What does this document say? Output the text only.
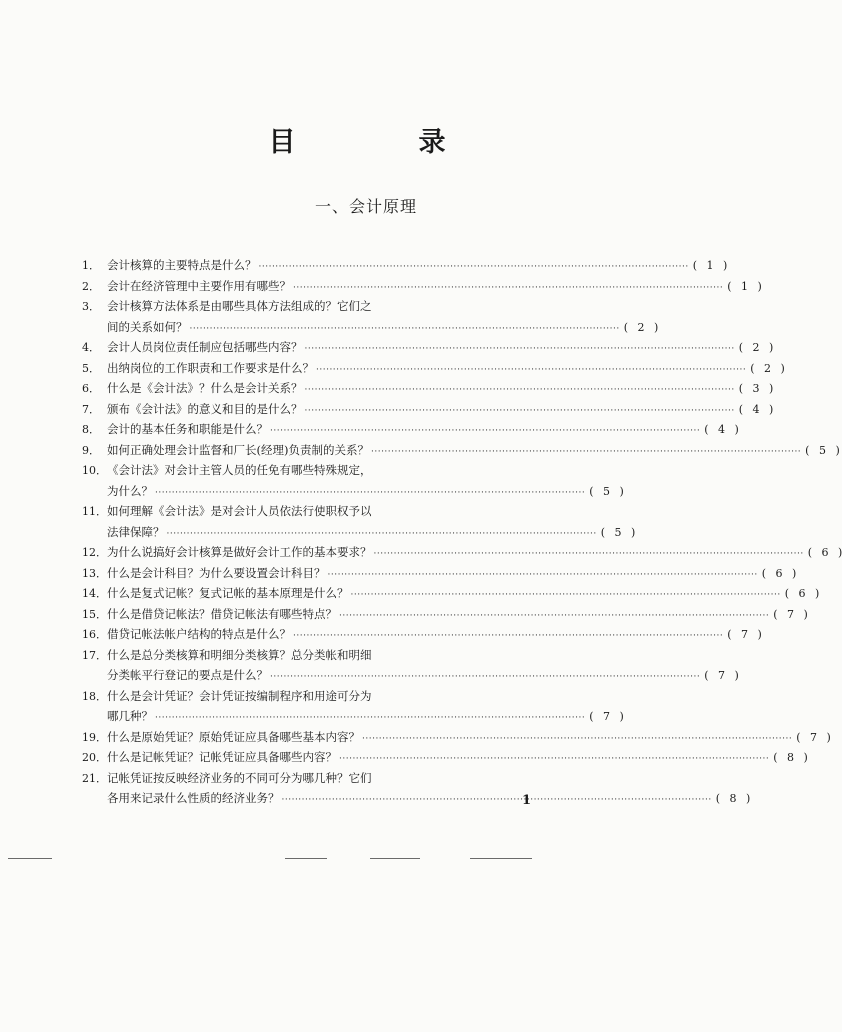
目　录
一、会计原理
1． 会计核算的主要特点是什么？ ·····	( 1 )
2． 会计在经济管理中主要作用有哪些？ ·····	( 1 )
3． 会计核算方法体系是由哪些具体方法组成的？它们之
间的关系如何？ ·····	( 2 )
4． 会计人员岗位责任制应包括哪些内容？ ·····	( 2 )
5． 出纳岗位的工作职责和工作要求是什么？ ·····	( 2 )
6． 什么是《会计法》？什么是会计关系？ ·····	( 3 )
7． 颁布《会计法》的意义和目的是什么？ ·····	( 4 )
8． 会计的基本任务和职能是什么？ ·····	( 4 )
9． 如何正确处理会计监督和厂长(经理)负责制的关系？ ·····	( 5 )
10． 《会计法》对会计主管人员的任免有哪些特殊规定，
为什么？ ·····	( 5 )
11． 如何理解《会计法》是对会计人员依法行使职权予以
法律保障？ ·····	( 5 )
12． 为什么说搞好会计核算是做好会计工作的基本要求？ ·····	( 6 )
13． 什么是会计科目？为什么要设置会计科目？ ·····	( 6 )
14． 什么是复式记帐？复式记帐的基本原理是什么？ ·····	( 6 )
15． 什么是借贷记帐法？借贷记帐法有哪些特点？ ·····	( 7 )
16． 借贷记帐法帐户结构的特点是什么？ ·····	( 7 )
17． 什么是总分类核算和明细分类核算？总分类帐和明细
分类帐平行登记的要点是什么？ ·····	( 7 )
18． 什么是会计凭证？会计凭证按编制程序和用途可分为
哪几种？ ·····	( 7 )
19． 什么是原始凭证？原始凭证应具备哪些基本内容？ ·····	( 7 )
20． 什么是记帐凭证？记帐凭证应具备哪些内容？ ·····	( 8 )
21． 记帐凭证按反映经济业务的不同可分为哪几种？它们
各用来记录什么性质的经济业务？ ·····	( 8 )
1
